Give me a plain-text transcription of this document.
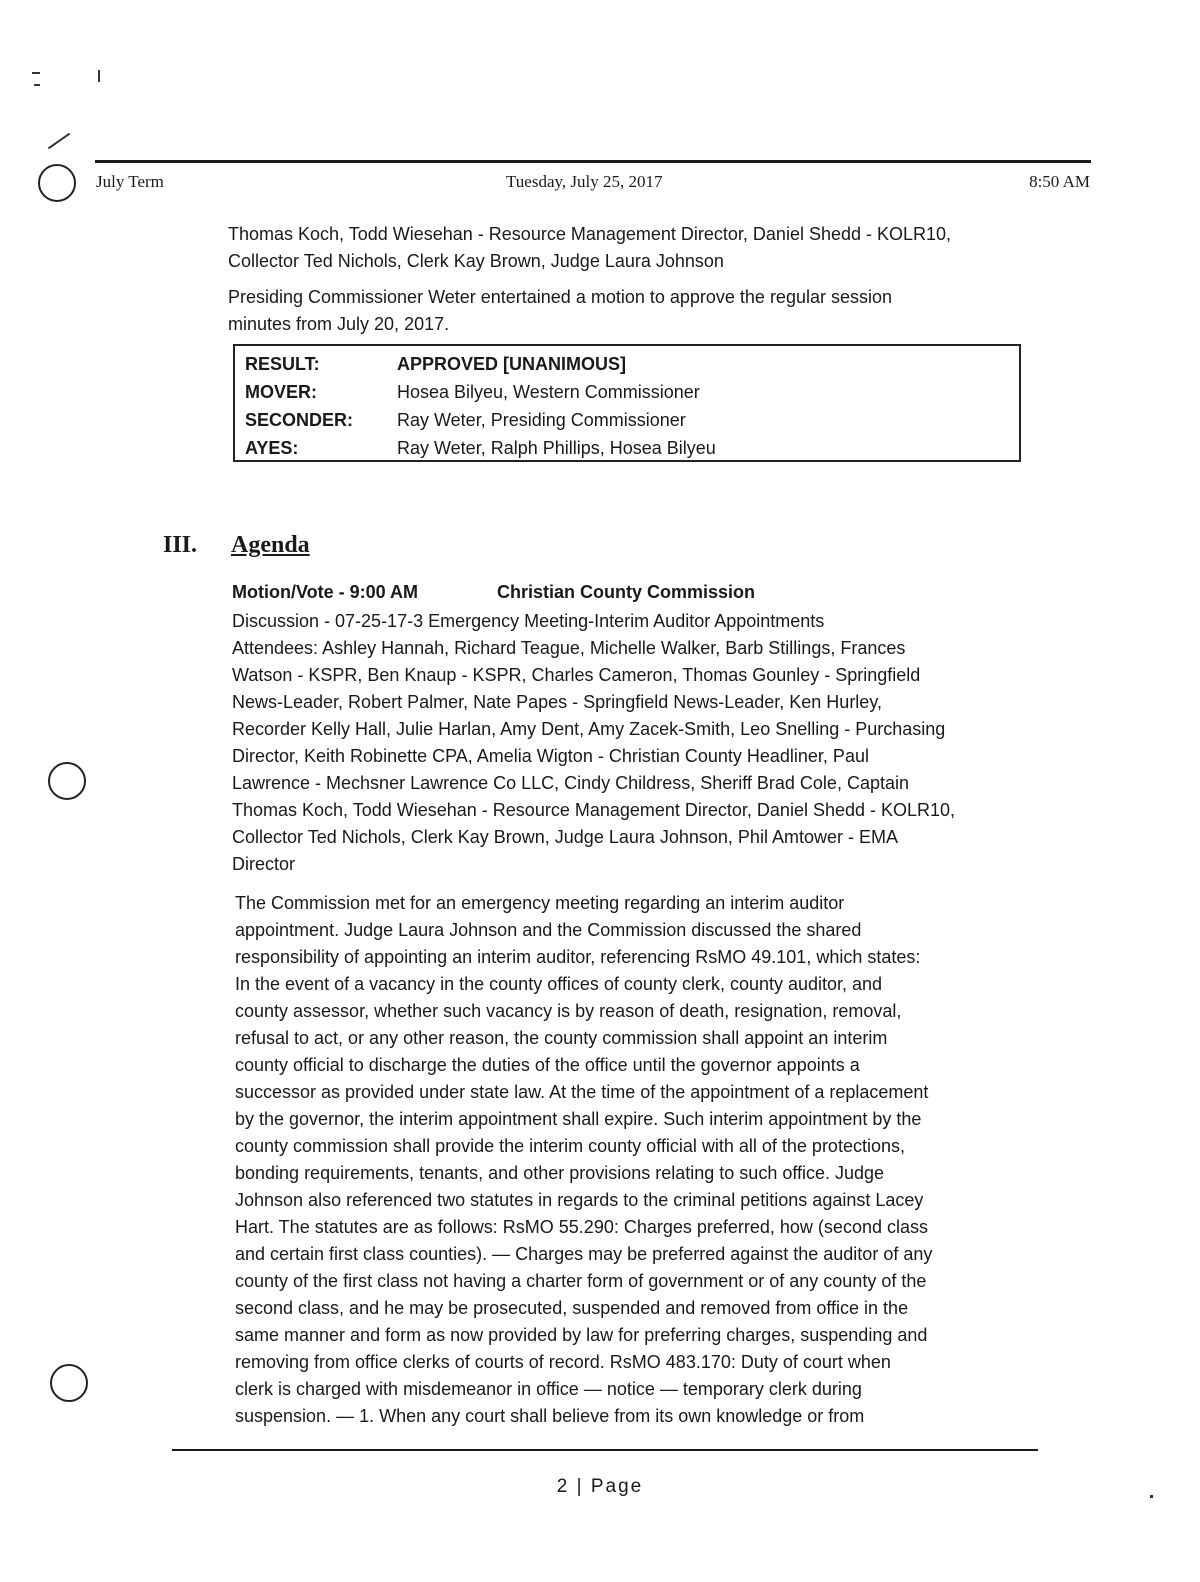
July Term	Tuesday, July 25, 2017	8:50 AM
Thomas Koch, Todd Wiesehan - Resource Management Director, Daniel Shedd - KOLR10,
Collector Ted Nichols, Clerk Kay Brown, Judge Laura Johnson
Presiding Commissioner Weter entertained a motion to approve the regular session
minutes from July 20, 2017.
RESULT:	APPROVED [UNANIMOUS]
MOVER:	Hosea Bilyeu, Western Commissioner
SECONDER: Ray Weter, Presiding Commissioner
AYES:	Ray Weter, Ralph Phillips, Hosea Bilyeu
III. Agenda
Motion/Vote - 9:00 AM	Christian County Commission
Discussion - 07-25-17-3 Emergency Meeting-Interim Auditor Appointments
Attendees: Ashley Hannah, Richard Teague, Michelle Walker, Barb Stillings, Frances
Watson - KSPR, Ben Knaup - KSPR, Charles Cameron, Thomas Gounley - Springfield
News-Leader, Robert Palmer, Nate Papes - Springfield News-Leader, Ken Hurley,
Recorder Kelly Hall, Julie Harlan, Amy Dent, Amy Zacek-Smith, Leo Snelling - Purchasing
Director, Keith Robinette CPA, Amelia Wigton - Christian County Headliner, Paul
Lawrence - Mechsner Lawrence Co LLC, Cindy Childress, Sheriff Brad Cole, Captain
Thomas Koch, Todd Wiesehan - Resource Management Director, Daniel Shedd - KOLR10,
Collector Ted Nichols, Clerk Kay Brown, Judge Laura Johnson, Phil Amtower - EMA
Director
The Commission met for an emergency meeting regarding an interim auditor
appointment. Judge Laura Johnson and the Commission discussed the shared
responsibility of appointing an interim auditor, referencing RsMO 49.101, which states:
In the event of a vacancy in the county offices of county clerk, county auditor, and
county assessor, whether such vacancy is by reason of death, resignation, removal,
refusal to act, or any other reason, the county commission shall appoint an interim
county official to discharge the duties of the office until the governor appoints a
successor as provided under state law. At the time of the appointment of a replacement
by the governor, the interim appointment shall expire. Such interim appointment by the
county commission shall provide the interim county official with all of the protections,
bonding requirements, tenants, and other provisions relating to such office. Judge
Johnson also referenced two statutes in regards to the criminal petitions against Lacey
Hart. The statutes are as follows: RsMO 55.290: Charges preferred, how (second class
and certain first class counties). — Charges may be preferred against the auditor of any
county of the first class not having a charter form of government or of any county of the
second class, and he may be prosecuted, suspended and removed from office in the
same manner and form as now provided by law for preferring charges, suspending and
removing from office clerks of courts of record. RsMO 483.170: Duty of court when
clerk is charged with misdemeanor in office — notice — temporary clerk during
suspension. — 1. When any court shall believe from its own knowledge or from
2 | Page
